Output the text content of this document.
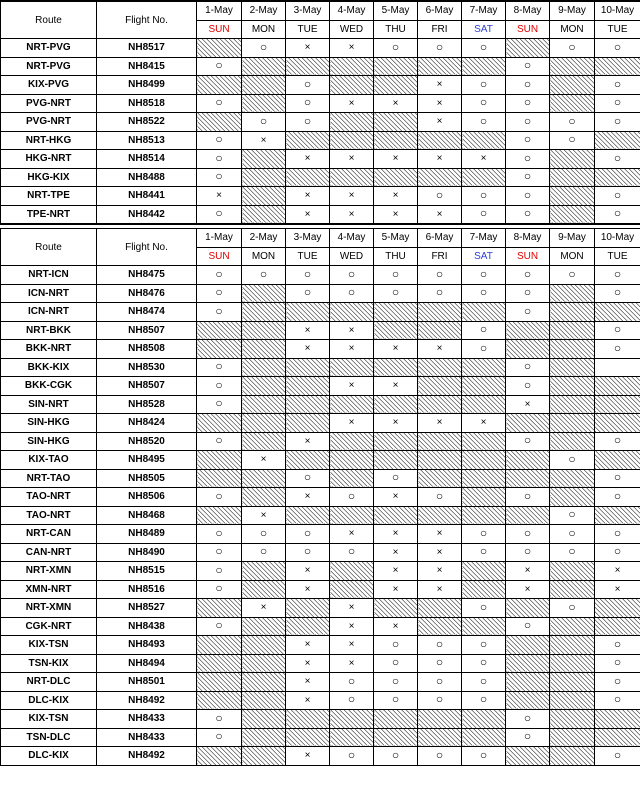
Route	Flight No.	1-May	2-May	3-May	4-May	5-May	6-May	7-May	8-May	9-May	10-May
		SUN	MON	TUE	WED	THU	FRI	SAT	SUN	MON	TUE
NRT-PVG	NH8517		○	×	×	○	○	○		○	○
NRT-PVG	NH8415	○							○		
KIX-PVG	NH8499			○			×	○	○		○
PVG-NRT	NH8518	○		○	×	×	×	○	○		○
PVG-NRT	NH8522		○	○			×	○	○	○	○
NRT-HKG	NH8513	○	×						○	○	
HKG-NRT	NH8514	○		×	×	×	×	×	○		○
HKG-KIX	NH8488	○							○		
NRT-TPE	NH8441	×		×	×	×	○	○	○		○
TPE-NRT	NH8442	○		×	×	×	×	○	○		○
Route	Flight No.	1-May	2-May	3-May	4-May	5-May	6-May	7-May	8-May	9-May	10-May
		SUN	MON	TUE	WED	THU	FRI	SAT	SUN	MON	TUE
NRT-ICN	NH8475	○	○	○	○	○	○	○	○	○	○
ICN-NRT	NH8476	○		○	○	○	○	○	○		○
ICN-NRT	NH8474	○							○		
NRT-BKK	NH8507			×	×			○			○
BKK-NRT	NH8508			×	×	×	×	○			○
BKK-KIX	NH8530	○							○		
BKK-CGK	NH8507	○			×	×			○		
SIN-NRT	NH8528	○							×		
SIN-HKG	NH8424				×	×	×	×			
SIN-HKG	NH8520	○		×					○		○
KIX-TAO	NH8495		×							○	
NRT-TAO	NH8505			○		○					○
TAO-NRT	NH8506	○		×	○	×	○		○		○
TAO-NRT	NH8468		×							○	
NRT-CAN	NH8489	○	○	○	×	×	×	○	○	○	○
CAN-NRT	NH8490	○	○	○	○	×	×	○	○	○	○
NRT-XMN	NH8515	○		×		×	×		×		×
XMN-NRT	NH8516	○		×		×	×		×		×
NRT-XMN	NH8527		×		×			○		○	
CGK-NRT	NH8438	○			×	×			○		
KIX-TSN	NH8493			×	×	○	○	○			○
TSN-KIX	NH8494			×	×	○	○	○			○
NRT-DLC	NH8501			×	○	○	○	○			○
DLC-KIX	NH8492			×	○	○	○	○			○
KIX-TSN	NH8433	○							○		
TSN-DLC	NH8433	○							○		
DLC-KIX	NH8492			×	○	○	○	○			○
